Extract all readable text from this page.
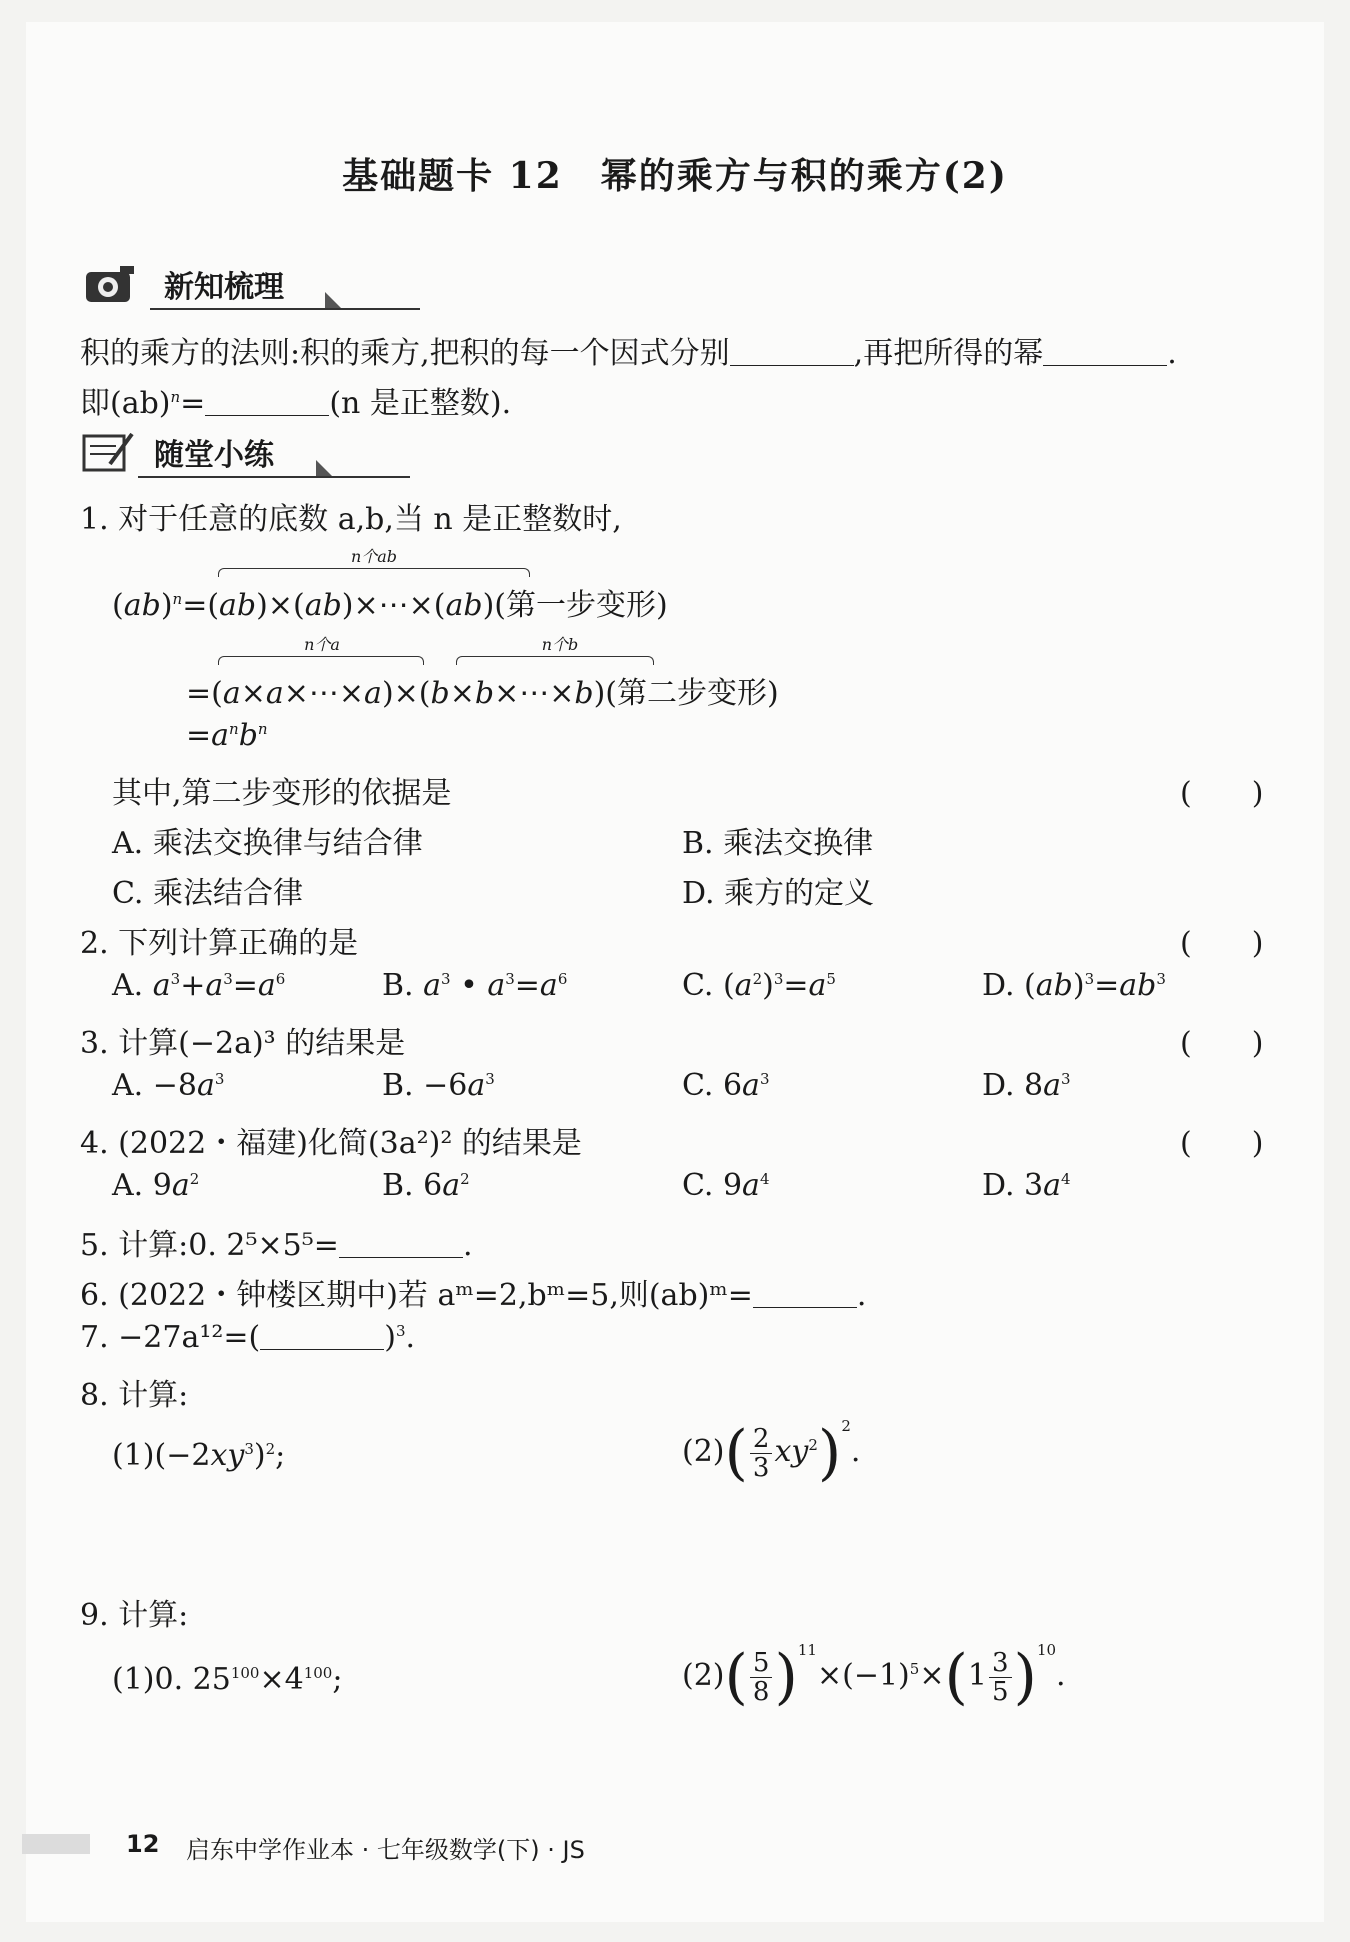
基础题卡 12　幂的乘方与积的乘方(2)
新知梳理
积的乘方的法则:积的乘方,把积的每一个因式分别	,再把所得的幂	.
即(ab)$^n$=	(n 是正整数).
随堂小练
1. 对于任意的底数 a,b,当 n 是正整数时,
n个ab
(ab)$^n$=(ab)×(ab)×⋯×(ab)(第一步变形)
n个a	n个b
=(a×a×⋯×a)×(b×b×⋯×b)(第二步变形)
$=a^nb^n$
其中,第二步变形的依据是	(　　)
A. 乘法交换律与结合律	B. 乘法交换律
C. 乘法结合律	D. 乘方的定义
2. 下列计算正确的是	(　　)
A. $a^3+a^3=a^6$	B. $a^3$ • $a^3=a^6$	C. $(a^2)^3=a^5$	D. $(ab)^3=ab^3$
3. 计算(−2a)³ 的结果是	(　　)
A. $-8a^3$	B. $-6a^3$	C. $6a^3$	D. $8a^3$
4. (2022・福建)化简(3a²)² 的结果是	(　　)
A. $9a^2$	B. $6a^2$	C. $9a^4$	D. $3a^4$
5. 计算:0. 2⁵×5⁵=	.
6. (2022・钟楼区期中)若 aᵐ=2,bᵐ=5,则(ab)ᵐ=	.
7. −27a¹²=(	)$^3$.
8. 计算:
$(1)(-2xy^3)^2$;	$(2)( \frac{2}{3} xy^2)^2$.
9. 计算:
(1)0. $25^{100}\times 4^{100}$;	$(2)( \frac{5}{8} )^{11}\times(-1)^5\times(1 \frac{3}{5} )^{10}$.
12 启东中学作业本 · 七年级数学(下) · JS
